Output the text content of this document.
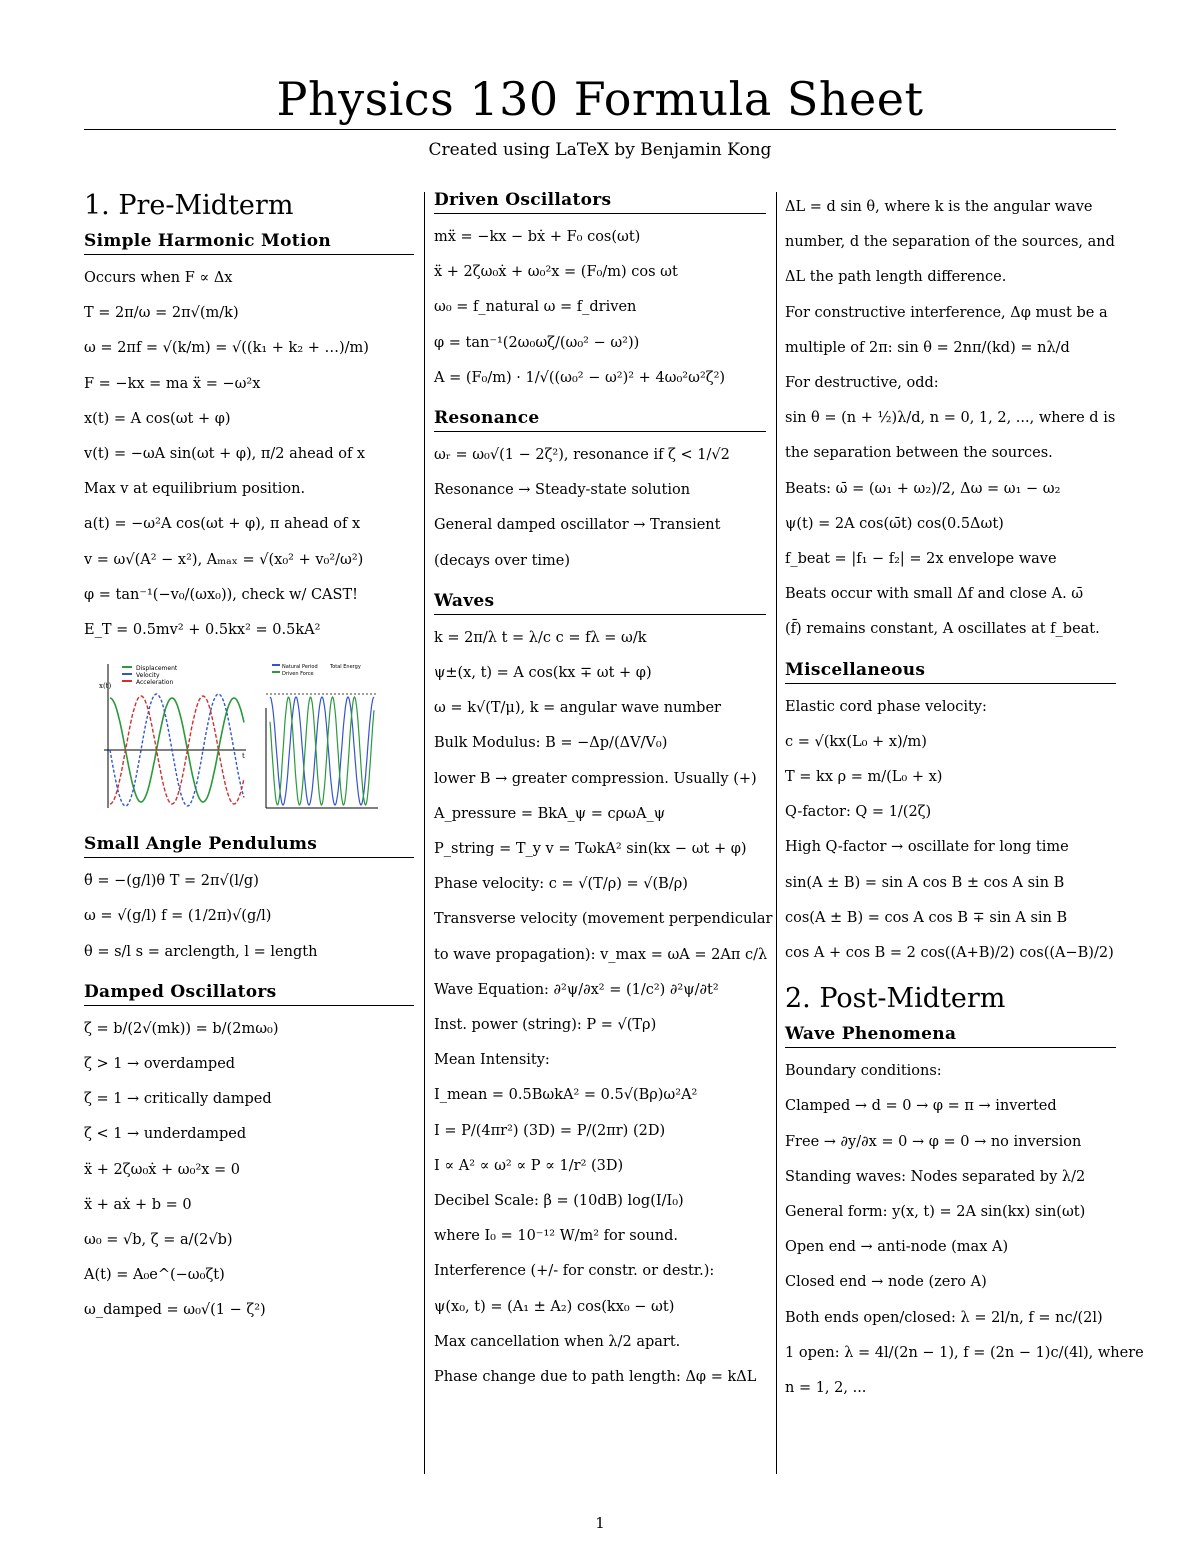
Physics 130 Formula Sheet
Created using LaTeX by Benjamin Kong
1. Pre-Midterm
Simple Harmonic Motion
Occurs when F ∝ Δx
T = 2π/ω = 2π√(m/k)
ω = 2πf = √(k/m) = √((k₁ + k₂ + …)/m)
F = −kx = ma ẍ = −ω²x
x(t) = A cos(ωt + φ)
v(t) = −ωA sin(ωt + φ), π/2 ahead of x
Max v at equilibrium position.
a(t) = −ω²A cos(ωt + φ), π ahead of x
v = ω√(A² − x²), Aₘₐₓ = √(x₀² + v₀²/ω²)
φ = tan⁻¹(−v₀/(ωx₀)), check w/ CAST!
E_T = 0.5mv² + 0.5kx² = 0.5kA²
Displacement
Velocity
Acceleration
x(t)
t
Natural Period
Driven Force
Total Energy
Small Angle Pendulums
θ̈ = −(g/l)θ T = 2π√(l/g)
ω = √(g/l) f = (1/2π)√(g/l)
θ = s/l s = arclength, l = length
Damped Oscillators
ζ = b/(2√(mk)) = b/(2mω₀)
ζ > 1 → overdamped
ζ = 1 → critically damped
ζ < 1 → underdamped
ẍ + 2ζω₀ẋ + ω₀²x = 0
ẍ + aẋ + b = 0
ω₀ = √b, ζ = a/(2√b)
A(t) = A₀e^(−ω₀ζt)
ω_damped = ω₀√(1 − ζ²)
Driven Oscillators
mẍ = −kx − bẋ + F₀ cos(ωt)
ẍ + 2ζω₀ẋ + ω₀²x = (F₀/m) cos ωt
ω₀ = f_natural ω = f_driven
φ = tan⁻¹(2ω₀ωζ/(ω₀² − ω²))
A = (F₀/m) · 1/√((ω₀² − ω²)² + 4ω₀²ω²ζ²)
Resonance
ωᵣ = ω₀√(1 − 2ζ²), resonance if ζ < 1/√2
Resonance → Steady-state solution
General damped oscillator → Transient
(decays over time)
Waves
k = 2π/λ t = λ/c c = fλ = ω/k
ψ±(x, t) = A cos(kx ∓ ωt + φ)
ω = k√(T/μ), k = angular wave number
Bulk Modulus: B = −Δp/(ΔV/V₀)
lower B → greater compression. Usually (+)
A_pressure = BkA_ψ = cρωA_ψ
P_string = T_y v = TωkA² sin(kx − ωt + φ)
Phase velocity: c = √(T/ρ) = √(B/ρ)
Transverse velocity (movement perpendicular
to wave propagation): v_max = ωA = 2Aπ c/λ
Wave Equation: ∂²ψ/∂x² = (1/c²) ∂²ψ/∂t²
Inst. power (string): P = √(Tρ)
Mean Intensity:
I_mean = 0.5BωkA² = 0.5√(Bρ)ω²A²
I = P/(4πr²) (3D) = P/(2πr) (2D)
I ∝ A² ∝ ω² ∝ P ∝ 1/r² (3D)
Decibel Scale: β = (10dB) log(I/I₀)
where I₀ = 10⁻¹² W/m² for sound.
Interference (+/- for constr. or destr.):
ψ(x₀, t) = (A₁ ± A₂) cos(kx₀ − ωt)
Max cancellation when λ/2 apart.
Phase change due to path length: Δφ = kΔL
ΔL = d sin θ, where k is the angular wave
number, d the separation of the sources, and
ΔL the path length difference.
For constructive interference, Δφ must be a
multiple of 2π: sin θ = 2nπ/(kd) = nλ/d
For destructive, odd:
sin θ = (n + ½)λ/d, n = 0, 1, 2, ..., where d is
the separation between the sources.
Beats: ω̄ = (ω₁ + ω₂)/2, Δω = ω₁ − ω₂
ψ(t) = 2A cos(ω̄t) cos(0.5Δωt)
f_beat = |f₁ − f₂| = 2x envelope wave
Beats occur with small Δf and close A. ω̄
(f̄) remains constant, A oscillates at f_beat.
Miscellaneous
Elastic cord phase velocity:
c = √(kx(L₀ + x)/m)
T = kx ρ = m/(L₀ + x)
Q-factor: Q = 1/(2ζ)
High Q-factor → oscillate for long time
sin(A ± B) = sin A cos B ± cos A sin B
cos(A ± B) = cos A cos B ∓ sin A sin B
cos A + cos B = 2 cos((A+B)/2) cos((A−B)/2)
2. Post-Midterm
Wave Phenomena
Boundary conditions:
Clamped → d = 0 → φ = π → inverted
Free → ∂y/∂x = 0 → φ = 0 → no inversion
Standing waves: Nodes separated by λ/2
General form: y(x, t) = 2A sin(kx) sin(ωt)
Open end → anti-node (max A)
Closed end → node (zero A)
Both ends open/closed: λ = 2l/n, f = nc/(2l)
1 open: λ = 4l/(2n − 1), f = (2n − 1)c/(4l), where
n = 1, 2, ...
1
